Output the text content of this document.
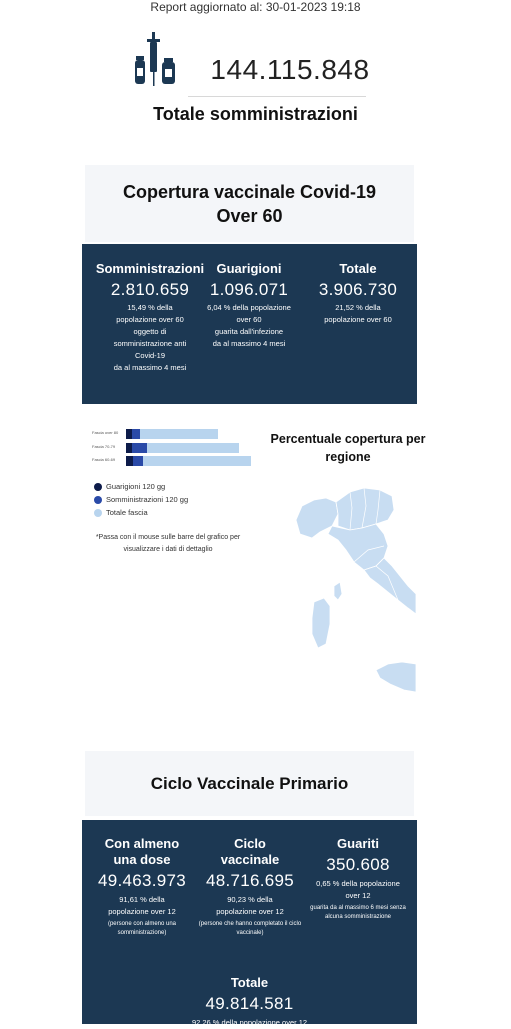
Report aggiornato al: 30-01-2023 19:18
144.115.848
Totale somministrazioni
Copertura vaccinale Covid-19 Over 60
Somministrazioni
2.810.659
15,49 % della
popolazione over 60
oggetto di
somministrazione anti
Covid-19
da al massimo 4 mesi
Guarigioni
1.096.071
6,04 % della popolazione
over 60
guarita dall'infezione
da al massimo 4 mesi
Totale
3.906.730
21,52 % della
popolazione over 60
Fascia over 80
Fascia 70-79
Fascia 60-69
Guarigioni 120 gg
Somministrazioni 120 gg
Totale fascia
*Passa con il mouse sulle barre del grafico per visualizzare i dati di dettaglio
Percentuale copertura per regione
Ciclo Vaccinale Primario
Con almeno una dose
49.463.973
91,61 % della
popolazione over 12
(persone con almeno una somministrazione)
Ciclo vaccinale
48.716.695
90,23 % della
popolazione over 12
(persone che hanno completato il ciclo vaccinale)
Guariti
350.608
0,65 % della popolazione
over 12
guarita da al massimo 6 mesi senza alcuna somministrazione
Totale
49.814.581
92,26 % della popolazione over 12
